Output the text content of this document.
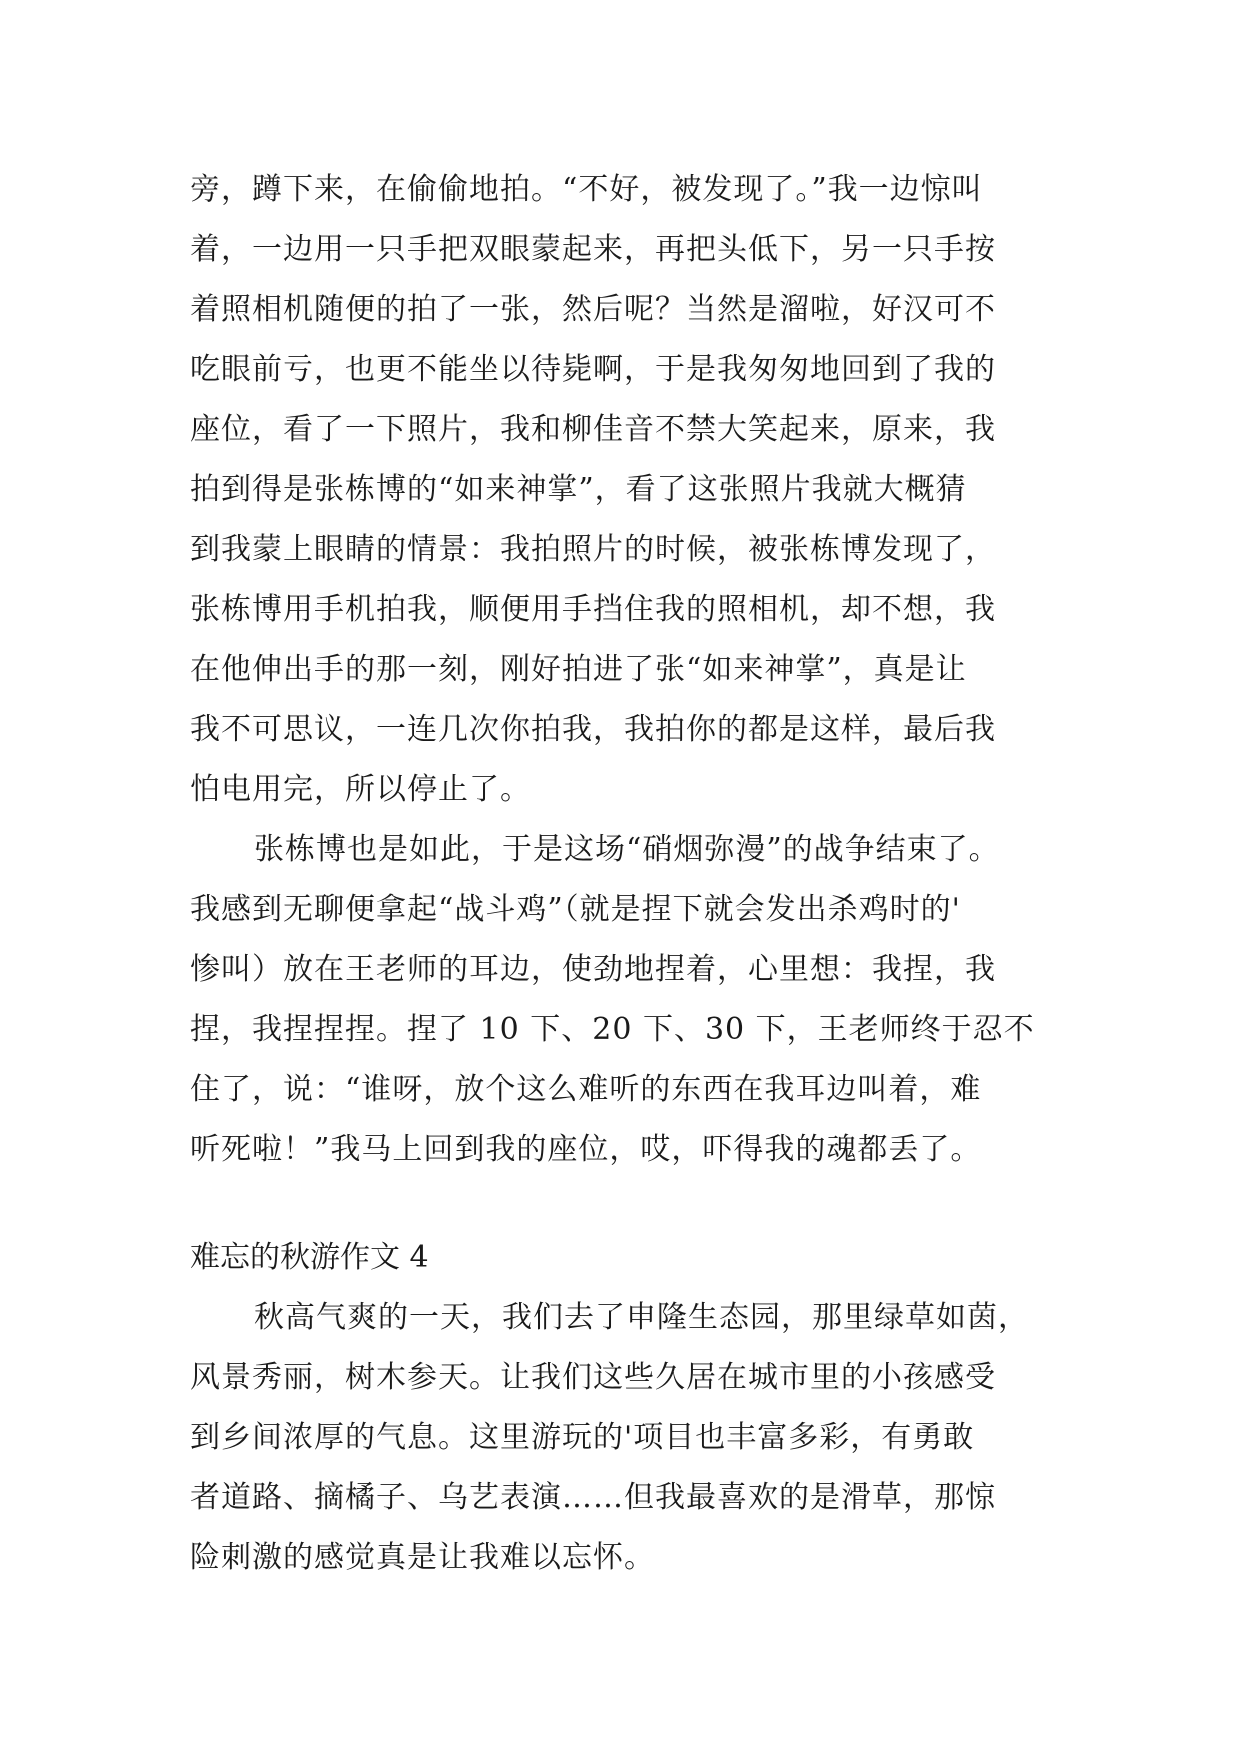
旁，蹲下来，在偷偷地拍。“不好，被发现了。”我一边惊叫
着，一边用一只手把双眼蒙起来，再把头低下，另一只手按
着照相机随便的拍了一张，然后呢？当然是溜啦，好汉可不
吃眼前亏，也更不能坐以待毙啊，于是我匆匆地回到了我的
座位，看了一下照片，我和柳佳音不禁大笑起来，原来，我
拍到得是张栋博的“如来神掌”，看了这张照片我就大概猜
到我蒙上眼睛的情景：我拍照片的时候，被张栋博发现了，
张栋博用手机拍我，顺便用手挡住我的照相机，却不想，我
在他伸出手的那一刻，刚好拍进了张“如来神掌”，真是让
我不可思议，一连几次你拍我，我拍你的都是这样，最后我
怕电用完，所以停止了。
张栋博也是如此，于是这场“硝烟弥漫”的战争结束了。
我感到无聊便拿起“战斗鸡”（就是捏下就会发出杀鸡时的'
惨叫）放在王老师的耳边，使劲地捏着，心里想：我捏，我
捏，我捏捏捏。捏了 10 下、20 下、30 下，王老师终于忍不
住了，说：“谁呀，放个这么难听的东西在我耳边叫着，难
听死啦！”我马上回到我的座位，哎，吓得我的魂都丢了。
难忘的秋游作文 4
秋高气爽的一天，我们去了申隆生态园，那里绿草如茵，
风景秀丽，树木参天。让我们这些久居在城市里的小孩感受
到乡间浓厚的气息。这里游玩的'项目也丰富多彩，有勇敢
者道路、摘橘子、乌艺表演……但我最喜欢的是滑草，那惊
险刺激的感觉真是让我难以忘怀。
